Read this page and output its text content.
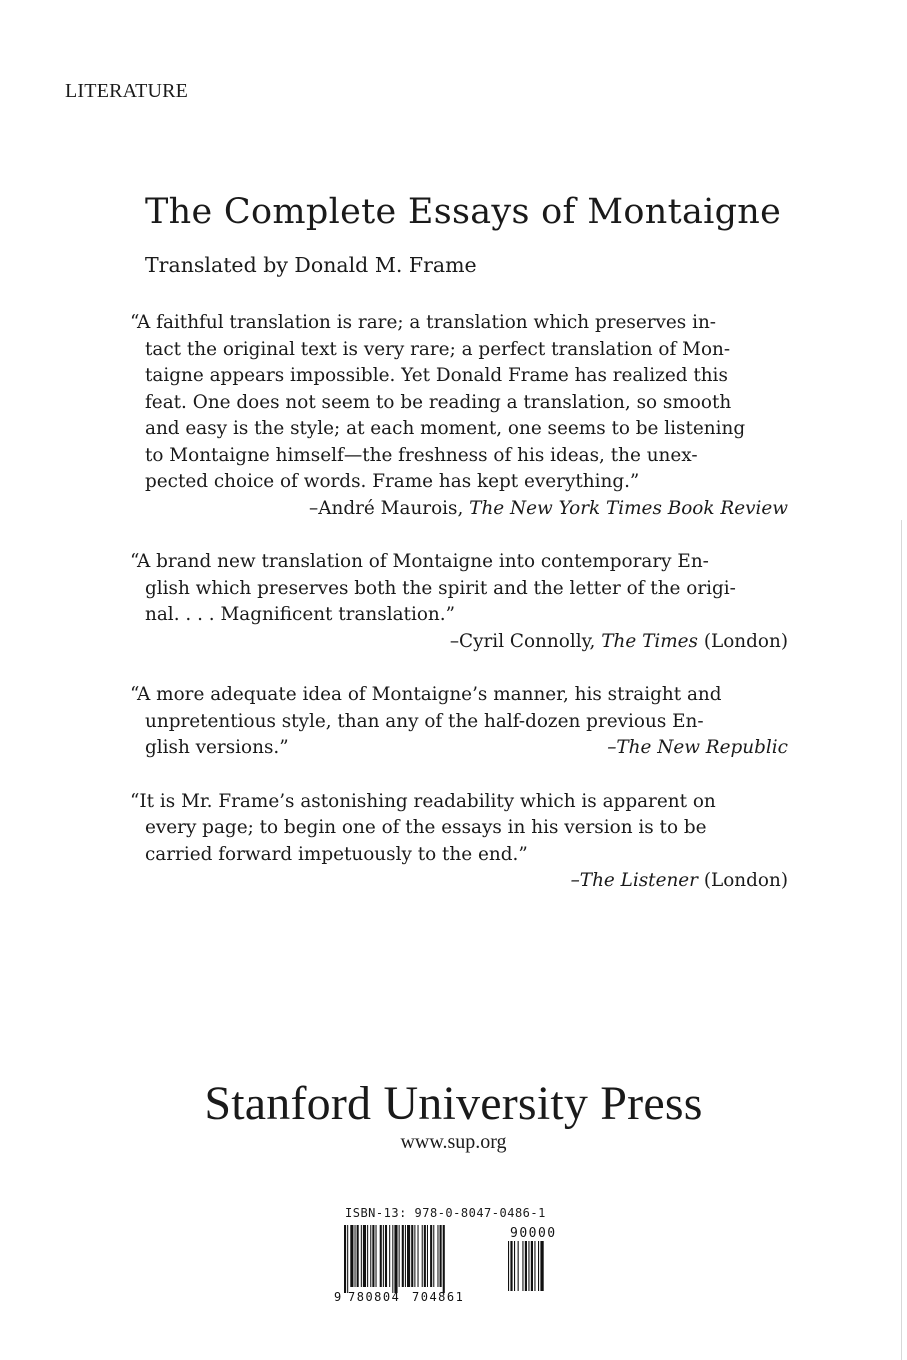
LITERATURE
The Complete Essays of Montaigne
Translated by Donald M. Frame
“A faithful translation is rare; a translation which preserves in-
tact the original text is very rare; a perfect translation of Mon-
taigne appears impossible. Yet Donald Frame has realized this
feat. One does not seem to be reading a translation, so smooth
and easy is the style; at each moment, one seems to be listening
to Montaigne himself—the freshness of his ideas, the unex-
pected choice of words. Frame has kept everything.”
–André Maurois, The New York Times Book Review
“A brand new translation of Montaigne into contemporary En-
glish which preserves both the spirit and the letter of the origi-
nal. . . . Magnificent translation.”
–Cyril Connolly, The Times (London)
“A more adequate idea of Montaigne’s manner, his straight and
unpretentious style, than any of the half-dozen previous En-
glish versions.”	–The New Republic
“It is Mr. Frame’s astonishing readability which is apparent on
every page; to begin one of the essays in his version is to be
carried forward impetuously to the end.”
–The Listener (London)
Stanford University Press
www.sup.org
ISBN-13: 978-0-8047-0486-1
9 780804 704861
90000
